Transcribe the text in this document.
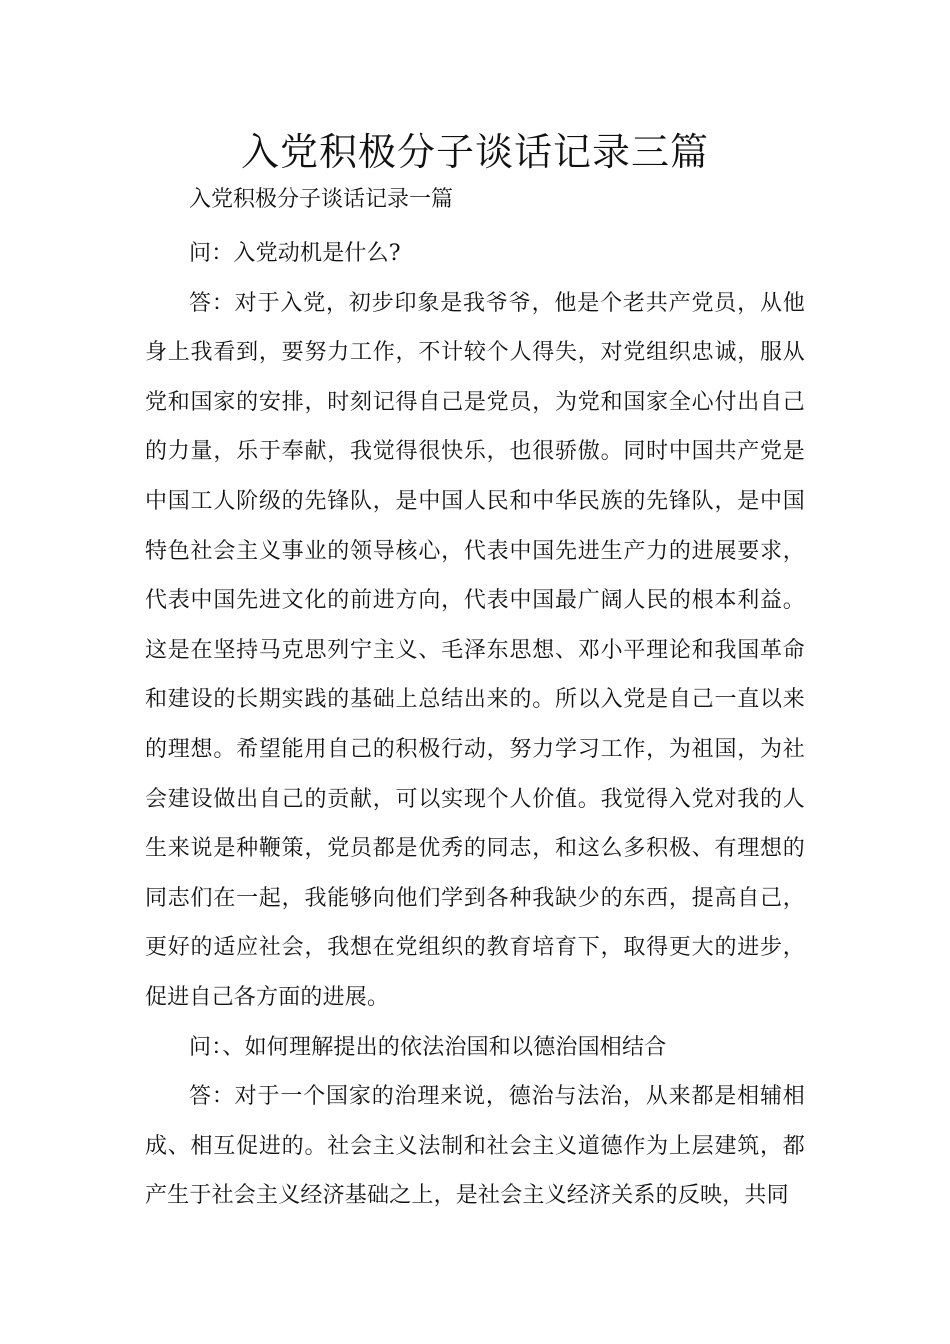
入党积极分子谈话记录三篇

入党积极分子谈话记录一篇

问：入党动机是什么?

答：对于入党，初步印象是我爷爷，他是个老共产党员，从他身上我看到，要努力工作，不计较个人得失，对党组织忠诚，服从党和国家的安排，时刻记得自己是党员，为党和国家全心付出自己的力量，乐于奉献，我觉得很快乐，也很骄傲。同时中国共产党是中国工人阶级的先锋队，是中国人民和中华民族的先锋队，是中国特色社会主义事业的领导核心，代表中国先进生产力的进展要求，代表中国先进文化的前进方向，代表中国最广阔人民的根本利益。这是在坚持马克思列宁主义、毛泽东思想、邓小平理论和我国革命和建设的长期实践的基础上总结出来的。所以入党是自己一直以来的理想。希望能用自己的积极行动，努力学习工作，为祖国，为社会建设做出自己的贡献，可以实现个人价值。我觉得入党对我的人生来说是种鞭策，党员都是优秀的同志，和这么多积极、有理想的同志们在一起，我能够向他们学到各种我缺少的东西，提高自己，更好的适应社会，我想在党组织的教育培育下，取得更大的进步，促进自己各方面的进展。

问：、如何理解提出的依法治国和以德治国相结合

答：对于一个国家的治理来说，德治与法治，从来都是相辅相成、相互促进的。社会主义法制和社会主义道德作为上层建筑，都产生于社会主义经济基础之上，是社会主义经济关系的反映，共同
